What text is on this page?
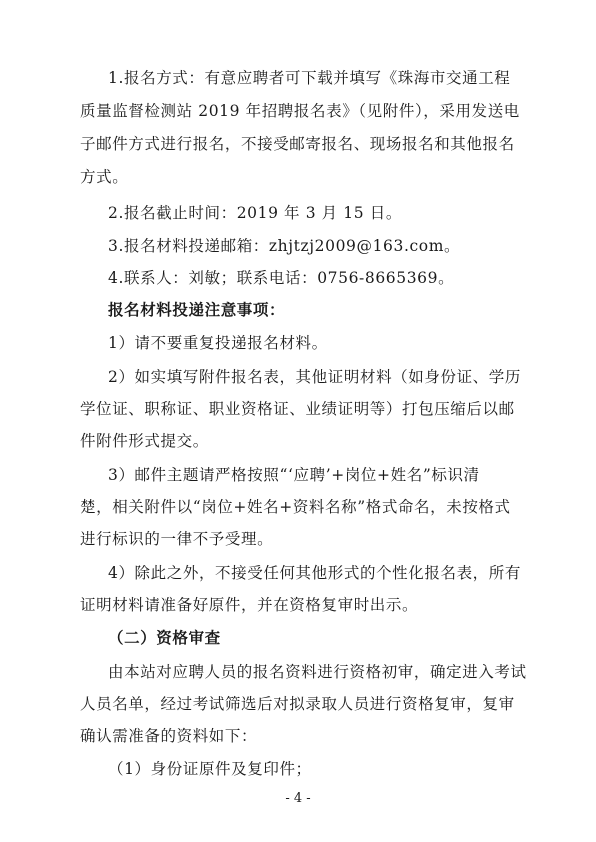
1.报名方式：有意应聘者可下载并填写《珠海市交通工程
质量监督检测站 2019 年招聘报名表》（见附件），采用发送电
子邮件方式进行报名，不接受邮寄报名、现场报名和其他报名
方式。
2.报名截止时间：2019 年 3 月 15 日。
3.报名材料投递邮箱：zhjtzj2009@163.com。
4.联系人：刘敏；联系电话：0756-8665369。
报名材料投递注意事项：
1）请不要重复投递报名材料。
2）如实填写附件报名表，其他证明材料（如身份证、学历
学位证、职称证、职业资格证、业绩证明等）打包压缩后以邮
件附件形式提交。
3）邮件主题请严格按照“‘应聘’+岗位+姓名”标识清
楚，相关附件以“岗位+姓名+资料名称”格式命名，未按格式
进行标识的一律不予受理。
4）除此之外，不接受任何其他形式的个性化报名表，所有
证明材料请准备好原件，并在资格复审时出示。
（二）资格审查
由本站对应聘人员的报名资料进行资格初审，确定进入考试
人员名单，经过考试筛选后对拟录取人员进行资格复审，复审
确认需准备的资料如下：
（1）身份证原件及复印件；
- 4 -
